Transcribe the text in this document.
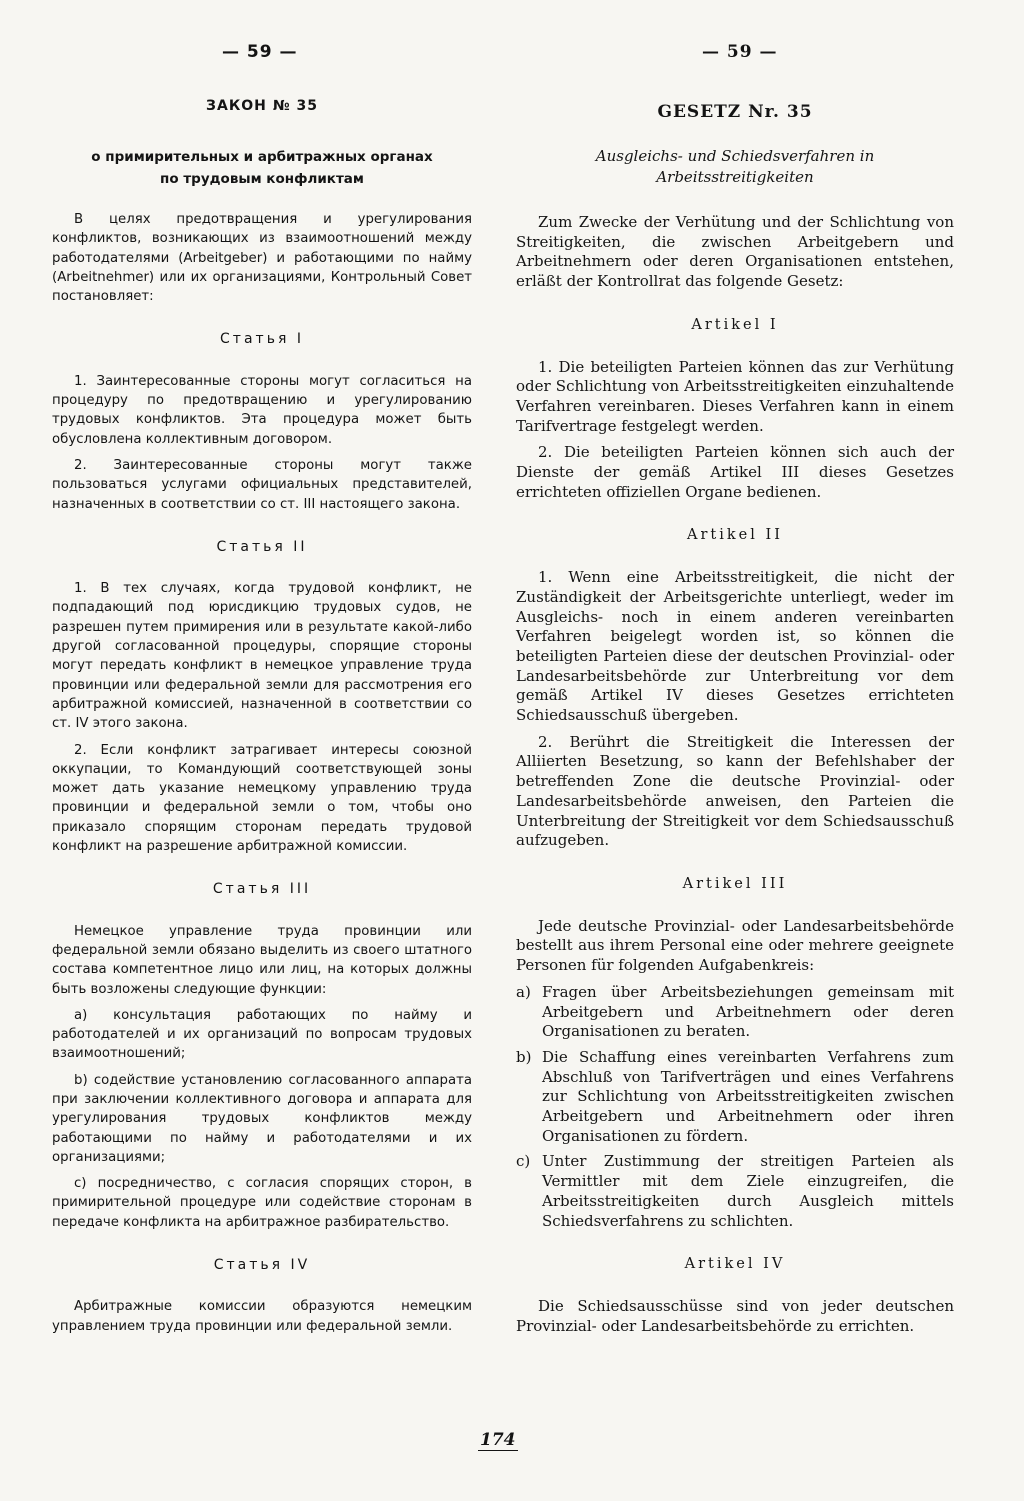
— 59 —
ЗАКОН № 35
о примирительных и арбитражных органах по трудовым конфликтам

В целях предотвращения и урегулирования конфликтов, возникающих из взаимоотношений между работодателями (Arbeitgeber) и работающими по найму (Arbeitnehmer) или их организациями, Контрольный Совет постановляет:

Статья I

1. Заинтересованные стороны могут согласиться на процедуру по предотвращению и урегулированию трудовых конфликтов. Эта процедура может быть обусловлена коллективным договором.

2. Заинтересованные стороны могут также пользоваться услугами официальных представителей, назначенных в соответствии со ст. III настоящего закона.

Статья II

1. В тех случаях, когда трудовой конфликт, не подпадающий под юрисдикцию трудовых судов, не разрешен путем примирения или в результате какой-либо другой согласованной процедуры, спорящие стороны могут передать конфликт в немецкое управление труда провинции или федеральной земли для рассмотрения его арбитражной комиссией, назначенной в соответствии со ст. IV этого закона.

2. Если конфликт затрагивает интересы союзной оккупации, то Командующий соответствующей зоны может дать указание немецкому управлению труда провинции и федеральной земли о том, чтобы оно приказало спорящим сторонам передать трудовой конфликт на разрешение арбитражной комиссии.

Статья III

Немецкое управление труда провинции или федеральной земли обязано выделить из своего штатного состава компетентное лицо или лиц, на которых должны быть возложены следующие функции:

а) консультация работающих по найму и работодателей и их организаций по вопросам трудовых взаимоотношений;

b) содействие установлению согласованного аппарата при заключении коллективного договора и аппарата для урегулирования трудовых конфликтов между работающими по найму и работодателями и их организациями;

с) посредничество, с согласия спорящих сторон, в примирительной процедуре или содействие сторонам в передаче конфликта на арбитражное разбирательство.

Статья IV

Арбитражные комиссии образуются немецким управлением труда провинции или федеральной земли.

— 59 —
GESETZ Nr. 35
Ausgleichs- und Schiedsverfahren in Arbeitsstreitigkeiten

Zum Zwecke der Verhütung und der Schlichtung von Streitigkeiten, die zwischen Arbeitgebern und Arbeitnehmern oder deren Organisationen entstehen, erläßt der Kontrollrat das folgende Gesetz:

Artikel I

1. Die beteiligten Parteien können das zur Verhütung oder Schlichtung von Arbeitsstreitigkeiten einzuhaltende Verfahren vereinbaren. Dieses Verfahren kann in einem Tarifvertrage festgelegt werden.

2. Die beteiligten Parteien können sich auch der Dienste der gemäß Artikel III dieses Gesetzes errichteten offiziellen Organe bedienen.

Artikel II

1. Wenn eine Arbeitsstreitigkeit, die nicht der Zuständigkeit der Arbeitsgerichte unterliegt, weder im Ausgleichs- noch in einem anderen vereinbarten Verfahren beigelegt worden ist, so können die beteiligten Parteien diese der deutschen Provinzial- oder Landesarbeitsbehörde zur Unterbreitung vor dem gemäß Artikel IV dieses Gesetzes errichteten Schiedsausschuß übergeben.

2. Berührt die Streitigkeit die Interessen der Alliierten Besetzung, so kann der Befehlshaber der betreffenden Zone die deutsche Provinzial- oder Landesarbeitsbehörde anweisen, den Parteien die Unterbreitung der Streitigkeit vor dem Schiedsausschuß aufzugeben.

Artikel III

Jede deutsche Provinzial- oder Landesarbeitsbehörde bestellt aus ihrem Personal eine oder mehrere geeignete Personen für folgenden Aufgabenkreis:

a) Fragen über Arbeitsbeziehungen gemeinsam mit Arbeitgebern und Arbeitnehmern oder deren Organisationen zu beraten.
b) Die Schaffung eines vereinbarten Verfahrens zum Abschluß von Tarifverträgen und eines Verfahrens zur Schlichtung von Arbeitsstreitigkeiten zwischen Arbeitgebern und Arbeitnehmern oder ihren Organisationen zu fördern.
c) Unter Zustimmung der streitigen Parteien als Vermittler mit dem Ziele einzugreifen, die Arbeitsstreitigkeiten durch Ausgleich mittels Schiedsverfahrens zu schlichten.
Artikel IV

Die Schiedsausschüsse sind von jeder deutschen Provinzial- oder Landesarbeitsbehörde zu errichten.

174
